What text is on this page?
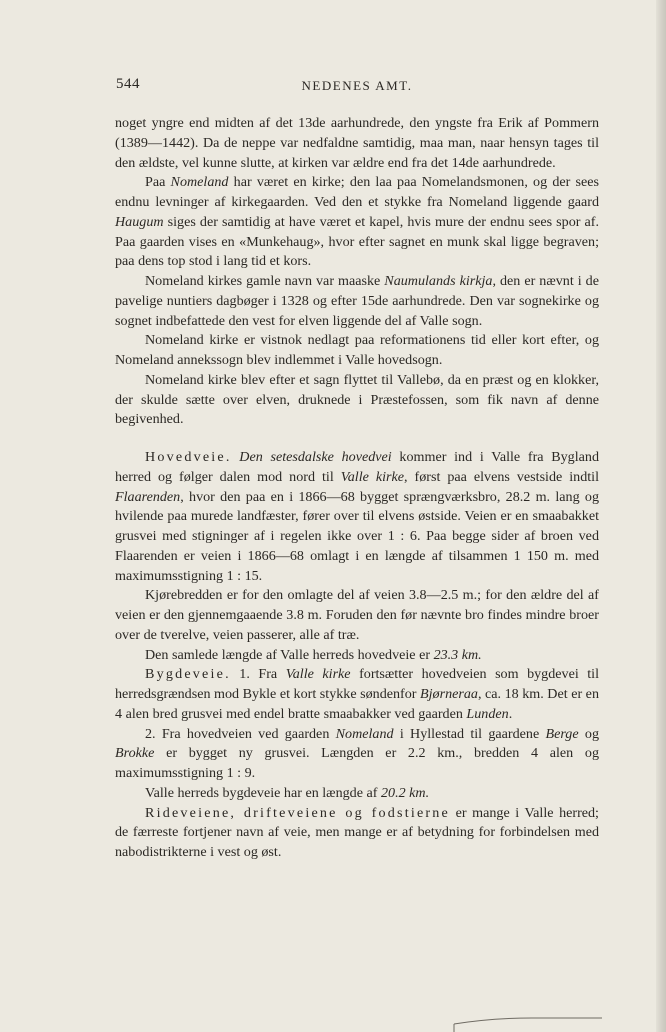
544	NEDENES AMT.

noget yngre end midten af det 13de aarhundrede, den yngste fra Erik af Pommern (1389—1442). Da de neppe var nedfaldne samtidig, maa man, naar hensyn tages til den ældste, vel kunne slutte, at kirken var ældre end fra det 14de aarhundrede.

Paa Nomeland har været en kirke; den laa paa Nomelandsmonen, og der sees endnu levninger af kirkegaarden. Ved den et stykke fra Nomeland liggende gaard Haugum siges der samtidig at have været et kapel, hvis mure der endnu sees spor af. Paa gaarden vises en «Munkehaug», hvor efter sagnet en munk skal ligge begraven; paa dens top stod i lang tid et kors.

Nomeland kirkes gamle navn var maaske Naumulands kirkja, den er nævnt i de pavelige nuntiers dagbøger i 1328 og efter 15de aarhundrede. Den var sognekirke og sognet indbefattede den vest for elven liggende del af Valle sogn.

Nomeland kirke er vistnok nedlagt paa reformationens tid eller kort efter, og Nomeland annekssogn blev indlemmet i Valle hovedsogn.

Nomeland kirke blev efter et sagn flyttet til Vallebø, da en præst og en klokker, der skulde sætte over elven, druknede i Præstefossen, som fik navn af denne begivenhed.

Hovedveie. Den setesdalske hovedvei kommer ind i Valle fra Bygland herred og følger dalen mod nord til Valle kirke, først paa elvens vestside indtil Flaarenden, hvor den paa en i 1866—68 bygget sprængværksbro, 28.2 m. lang og hvilende paa murede landfæster, fører over til elvens østside. Veien er en smaabakket grusvei med stigninger af i regelen ikke over 1 : 6. Paa begge sider af broen ved Flaarenden er veien i 1866—68 omlagt i en længde af tilsammen 1 150 m. med maximumsstigning 1 : 15.

Kjørebredden er for den omlagte del af veien 3.8—2.5 m.; for den ældre del af veien er den gjennemgaaende 3.8 m. Foruden den før nævnte bro findes mindre broer over de tverelve, veien passerer, alle af træ.

Den samlede længde af Valle herreds hovedveie er 23.3 km.

Bygdeveie. 1. Fra Valle kirke fortsætter hovedveien som bygdevei til herredsgrændsen mod Bykle et kort stykke søndenfor Bjørneraa, ca. 18 km. Det er en 4 alen bred grusvei med endel bratte smaabakker ved gaarden Lunden.

2. Fra hovedveien ved gaarden Nomeland i Hyllestad til gaardene Berge og Brokke er bygget ny grusvei. Længden er 2.2 km., bredden 4 alen og maximumsstigning 1 : 9.

Valle herreds bygdeveie har en længde af 20.2 km.

Rideveiene, drifteveiene og fodstierne er mange i Valle herred; de færreste fortjener navn af veie, men mange er af betydning for forbindelsen med nabodistrikterne i vest og øst.
